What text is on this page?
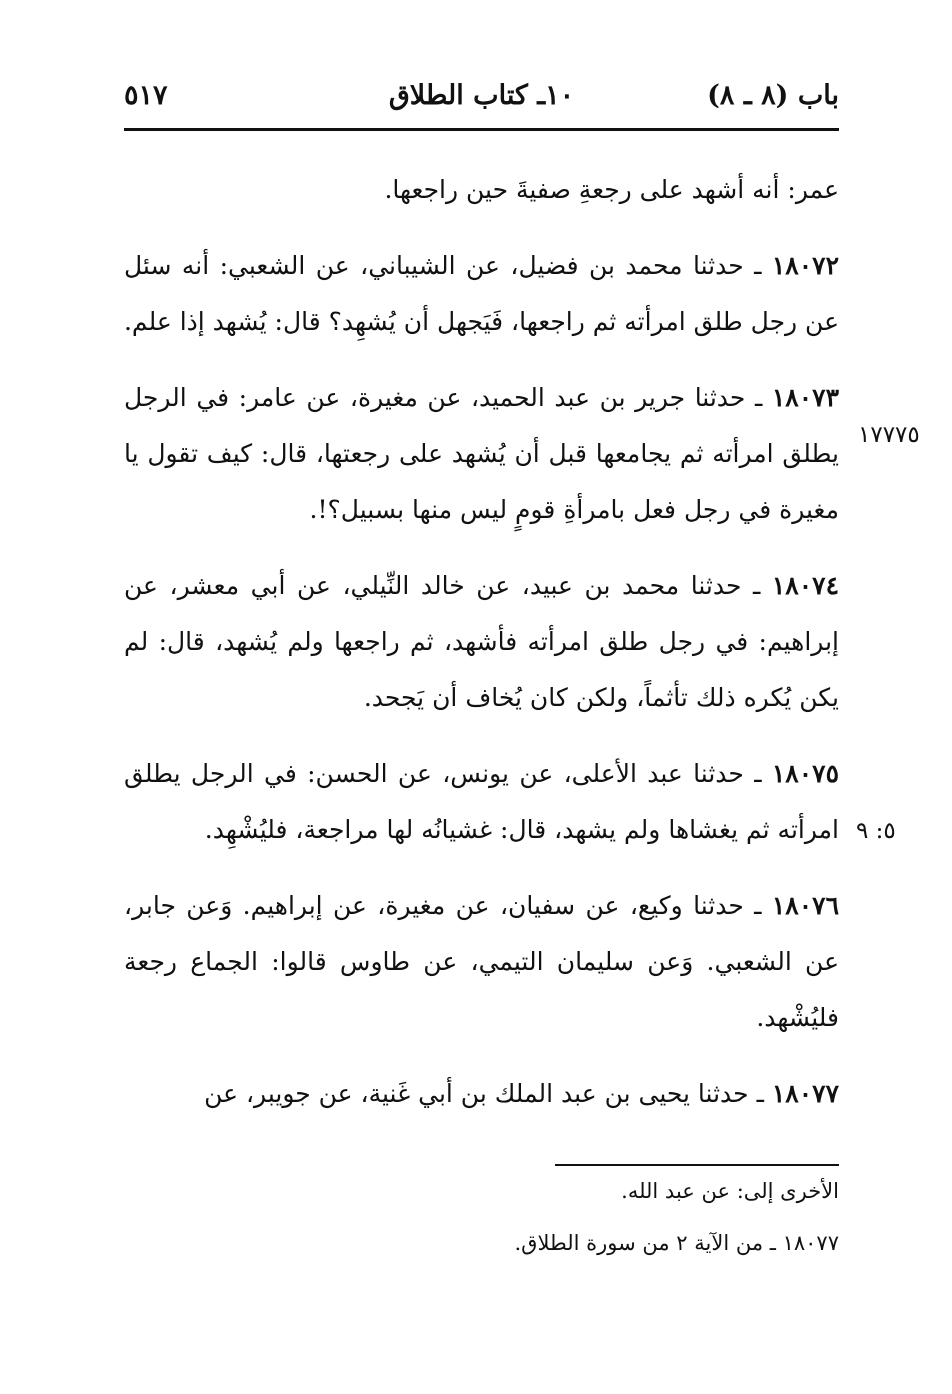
باب (٨ ـ ٨)
١٠ـ كتاب الطلاق
٥١٧

عمر: أنه أشهد على رجعةِ صفيةَ حين راجعها.

١٨٠٧٢ ـ حدثنا محمد بن فضيل، عن الشيباني، عن الشعبي: أنه سئل عن رجل طلق امرأته ثم راجعها، فَيَجهل أن يُشهِد؟ قال: يُشهد إذا علم.

١٨٠٧٣ ـ حدثنا جرير بن عبد الحميد، عن مغيرة، عن عامر: في الرجل يطلق امرأته ثم يجامعها قبل أن يُشهد على رجعتها، قال: كيف تقول يا مغيرة في رجل فعل بامرأةِ قومٍ ليس منها بسبيل؟!.

١٨٠٧٤ ـ حدثنا محمد بن عبيد، عن خالد النِّيلي، عن أبي معشر، عن إبراهيم: في رجل طلق امرأته فأشهد، ثم راجعها ولم يُشهد، قال: لم يكن يُكره ذلك تأثماً، ولكن كان يُخاف أن يَجحد.

١٨٠٧٥ ـ حدثنا عبد الأعلى، عن يونس، عن الحسن: في الرجل يطلق امرأته ثم يغشاها ولم يشهد، قال: غشيانُه لها مراجعة، فليُشْهِد.

١٨٠٧٦ ـ حدثنا وكيع، عن سفيان، عن مغيرة، عن إبراهيم. وَعن جابر، عن الشعبي. وَعن سليمان التيمي، عن طاوس قالوا: الجماع رجعة فليُشْهد.

١٨٠٧٧ ـ حدثنا يحيى بن عبد الملك بن أبي غَنية، عن جويبر، عن

١٧٧٧٥
٥: ٩

الأخرى إلى: عن عبد الله.

١٨٠٧٧ ـ من الآية ٢ من سورة الطلاق.
